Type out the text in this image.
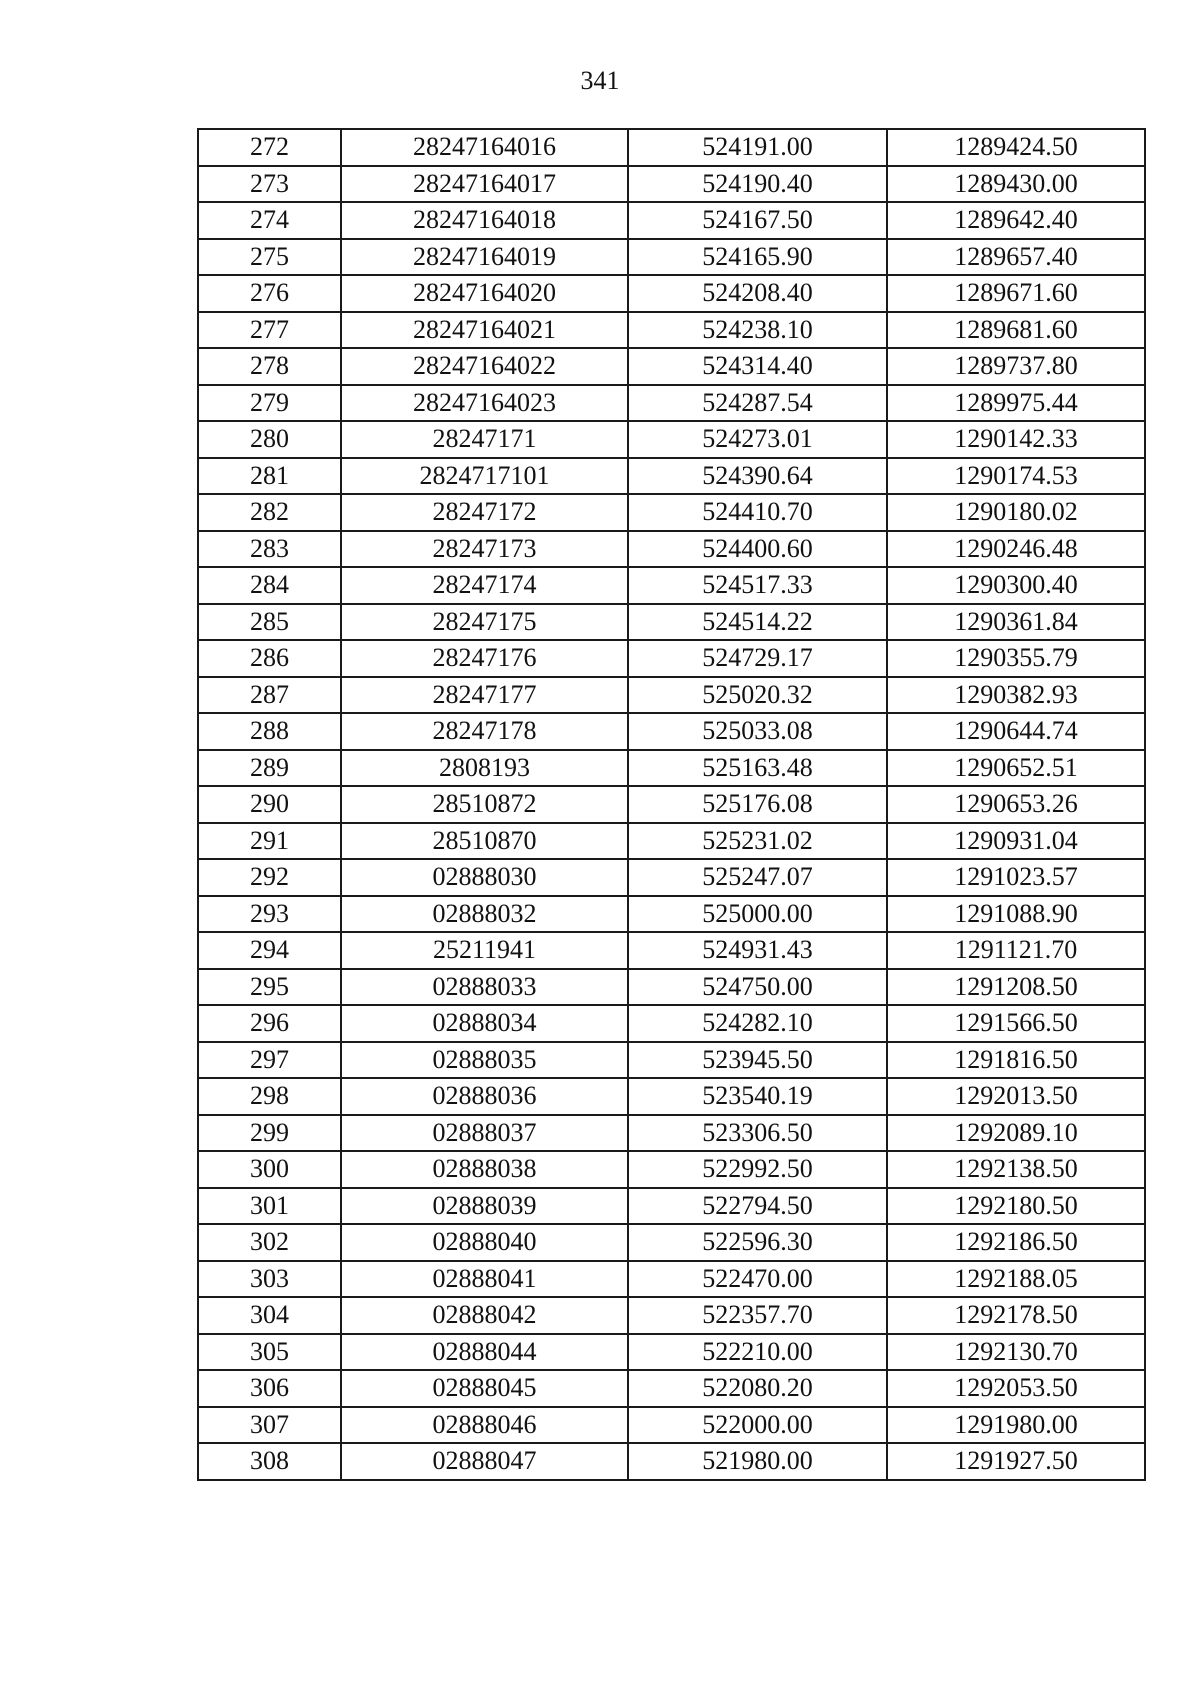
341
272	28247164016	524191.00	1289424.50
273	28247164017	524190.40	1289430.00
274	28247164018	524167.50	1289642.40
275	28247164019	524165.90	1289657.40
276	28247164020	524208.40	1289671.60
277	28247164021	524238.10	1289681.60
278	28247164022	524314.40	1289737.80
279	28247164023	524287.54	1289975.44
280	28247171	524273.01	1290142.33
281	2824717101	524390.64	1290174.53
282	28247172	524410.70	1290180.02
283	28247173	524400.60	1290246.48
284	28247174	524517.33	1290300.40
285	28247175	524514.22	1290361.84
286	28247176	524729.17	1290355.79
287	28247177	525020.32	1290382.93
288	28247178	525033.08	1290644.74
289	2808193	525163.48	1290652.51
290	28510872	525176.08	1290653.26
291	28510870	525231.02	1290931.04
292	02888030	525247.07	1291023.57
293	02888032	525000.00	1291088.90
294	25211941	524931.43	1291121.70
295	02888033	524750.00	1291208.50
296	02888034	524282.10	1291566.50
297	02888035	523945.50	1291816.50
298	02888036	523540.19	1292013.50
299	02888037	523306.50	1292089.10
300	02888038	522992.50	1292138.50
301	02888039	522794.50	1292180.50
302	02888040	522596.30	1292186.50
303	02888041	522470.00	1292188.05
304	02888042	522357.70	1292178.50
305	02888044	522210.00	1292130.70
306	02888045	522080.20	1292053.50
307	02888046	522000.00	1291980.00
308	02888047	521980.00	1291927.50
